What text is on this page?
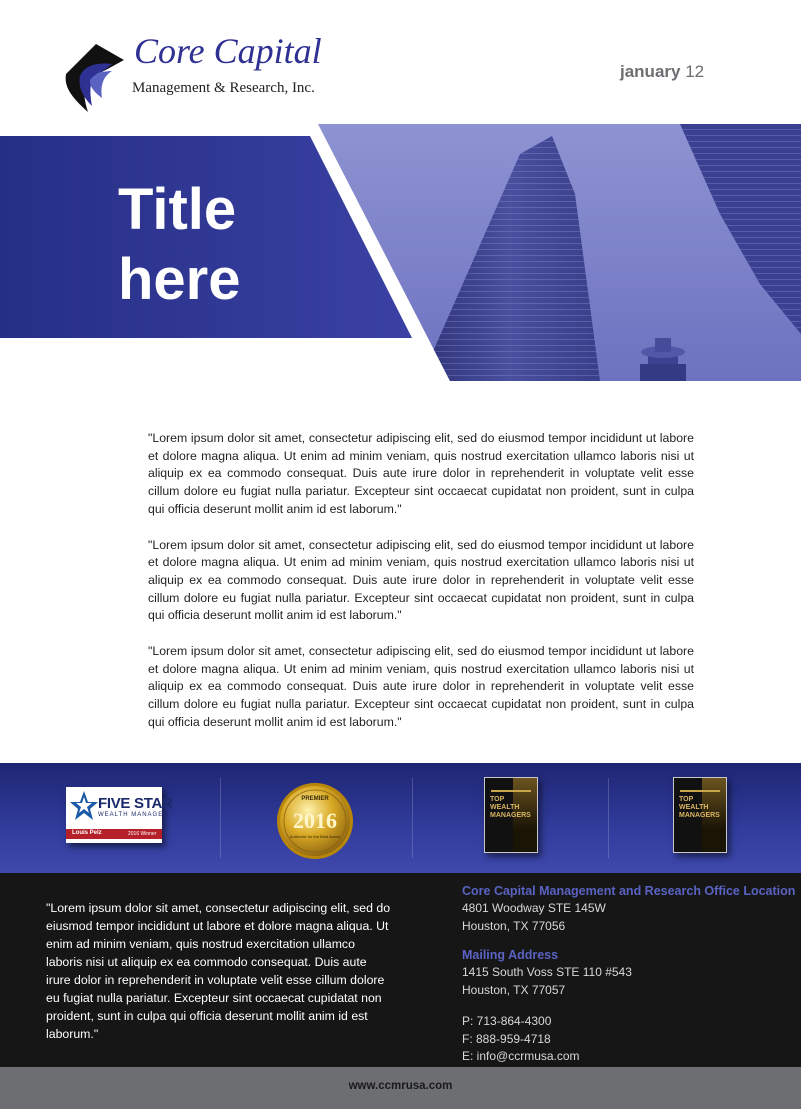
Core Capital
Management & Research, Inc.
january 12
Title
here

"Lorem ipsum dolor sit amet, consectetur adipiscing elit, sed do eiusmod tempor incididunt ut labore et dolore magna aliqua. Ut enim ad minim veniam, quis nostrud exercitation ullamco laboris nisi ut aliquip ex ea commodo consequat. Duis aute irure dolor in reprehenderit in voluptate velit esse cillum dolore eu fugiat nulla pariatur. Excepteur sint occaecat cupidatat non proident, sunt in culpa qui officia deserunt mollit anim id est laborum."

"Lorem ipsum dolor sit amet, consectetur adipiscing elit, sed do eiusmod tempor incididunt ut labore et dolore magna aliqua. Ut enim ad minim veniam, quis nostrud exercitation ullamco laboris nisi ut aliquip ex ea commodo consequat. Duis aute irure dolor in reprehenderit in voluptate velit esse cillum dolore eu fugiat nulla pariatur. Excepteur sint occaecat cupidatat non proident, sunt in culpa qui officia deserunt mollit anim id est laborum."

"Lorem ipsum dolor sit amet, consectetur adipiscing elit, sed do eiusmod tempor incididunt ut labore et dolore magna aliqua. Ut enim ad minim veniam, quis nostrud exercitation ullamco laboris nisi ut aliquip ex ea commodo consequat. Duis aute irure dolor in reprehenderit in voluptate velit esse cillum dolore eu fugiat nulla pariatur. Excepteur sint occaecat cupidatat non proident, sunt in culpa qui officia deserunt mollit anim id est laborum."

FIVE STAR
WEALTH MANAGER
Louis Pelz	2016 Winner
PREMIER
2016
Authentic for the Best Award
TOP WEALTH MANAGERS
TOP WEALTH MANAGERS
"Lorem ipsum dolor sit amet, consectetur adipiscing elit, sed do eiusmod tempor incididunt ut labore et dolore magna aliqua. Ut enim ad minim veniam, quis nostrud exercitation ullamco laboris nisi ut aliquip ex ea commodo consequat. Duis aute irure dolor in reprehenderit in voluptate velit esse cillum dolore eu fugiat nulla pariatur. Excepteur sint occaecat cupidatat non proident, sunt in culpa qui officia deserunt mollit anim id est laborum."
Core Capital Management and Research Office Location
4801 Woodway STE 145W
Houston, TX 77056
Mailing Address
1415 South Voss STE 110 #543
Houston, TX 77057
P: 713-864-4300
F: 888-959-4718
E: info@ccrmusa.com
www.ccmrusa.com
